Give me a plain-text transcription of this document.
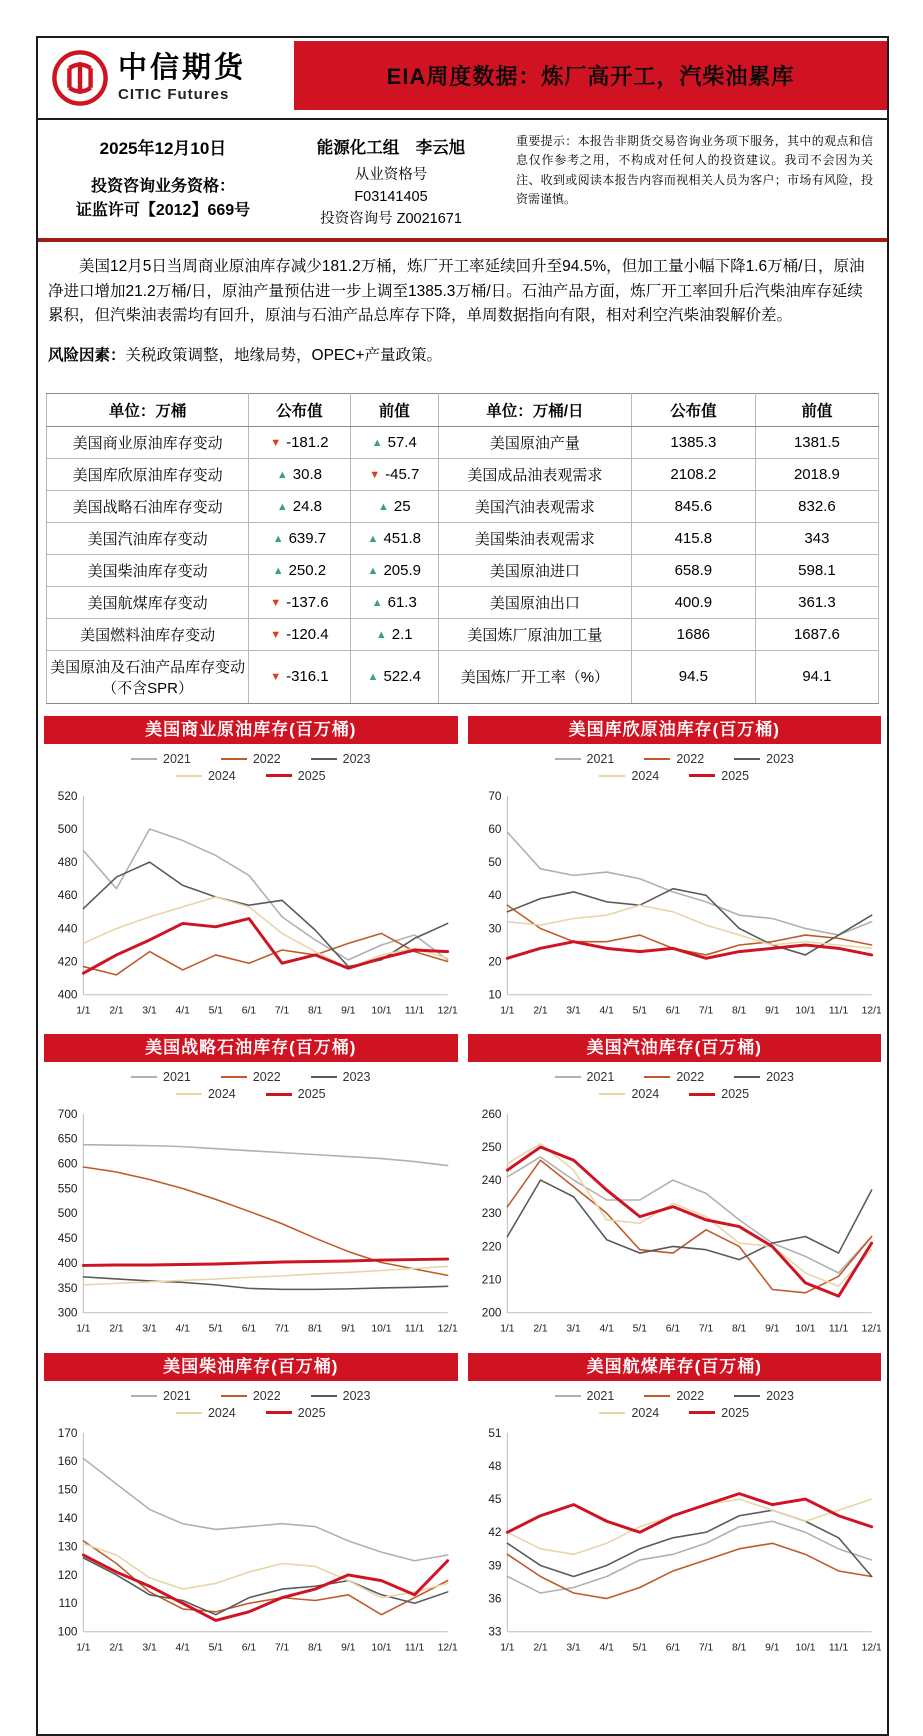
中信期货
CITIC Futures
EIA周度数据：炼厂高开工，汽柴油累库
2025年12月10日
投资咨询业务资格：
证监许可【2012】669号
能源化工组　李云旭
从业资格号
F03141405
投资咨询号 Z0021671
重要提示：本报告非期货交易咨询业务项下服务，其中的观点和信息仅作参考之用，不构成对任何人的投资建议。我司不会因为关注、收到或阅读本报告内容而视相关人员为客户；市场有风险，投资需谨慎。

美国12月5日当周商业原油库存减少181.2万桶，炼厂开工率延续回升至94.5%，但加工量小幅下降1.6万桶/日，原油净进口增加21.2万桶/日，原油产量预估进一步上调至1385.3万桶/日。石油产品方面，炼厂开工率回升后汽柴油库存延续累积，但汽柴油表需均有回升，原油与石油产品总库存下降，单周数据指向有限，相对利空汽柴油裂解价差。

风险因素：关税政策调整，地缘局势，OPEC+产量政策。

单位：万桶	公布值	前值	单位：万桶/日	公布值	前值
美国商业原油库存变动	▼ -181.2	▲ 57.4	美国原油产量	1385.3	1381.5
美国库欣原油库存变动	▲ 30.8	▼ -45.7	美国成品油表观需求	2108.2	2018.9
美国战略石油库存变动	▲ 24.8	▲ 25	美国汽油表观需求	845.6	832.6
美国汽油库存变动	▲ 639.7	▲ 451.8	美国柴油表观需求	415.8	343
美国柴油库存变动	▲ 250.2	▲ 205.9	美国原油进口	658.9	598.1
美国航煤库存变动	▼ -137.6	▲ 61.3	美国原油出口	400.9	361.3
美国燃料油库存变动	▼ -120.4	▲ 2.1	美国炼厂原油加工量	1686	1687.6
美国原油及石油产品库存变动（不含SPR）	▼ -316.1	▲ 522.4	美国炼厂开工率（%）	94.5	94.1
美国商业原油库存(百万桶)
2021	2022	2023
2024	2025
400
420
440
460
480
500
520
1/1 2/1 3/1 4/1 5/1 6/1 7/1 8/1 9/1 10/1 11/1 12/1
美国库欣原油库存(百万桶)
2021	2022	2023
2024	2025
10
20
30
40
50
60
70
1/1 2/1 3/1 4/1 5/1 6/1 7/1 8/1 9/1 10/1 11/1 12/1
美国战略石油库存(百万桶)
2021	2022	2023
2024	2025
300
350
400
450
500
550
600
650
700
1/1 2/1 3/1 4/1 5/1 6/1 7/1 8/1 9/1 10/1 11/1 12/1
美国汽油库存(百万桶)
2021	2022	2023
2024	2025
200
210
220
230
240
250
260
1/1 2/1 3/1 4/1 5/1 6/1 7/1 8/1 9/1 10/1 11/1 12/1
美国柴油库存(百万桶)
2021	2022	2023
2024	2025
100
110
120
130
140
150
160
170
1/1 2/1 3/1 4/1 5/1 6/1 7/1 8/1 9/1 10/1 11/1 12/1
美国航煤库存(百万桶)
2021	2022	2023
2024	2025
33
36
39
42
45
48
51
1/1 2/1 3/1 4/1 5/1 6/1 7/1 8/1 9/1 10/1 11/1 12/1
